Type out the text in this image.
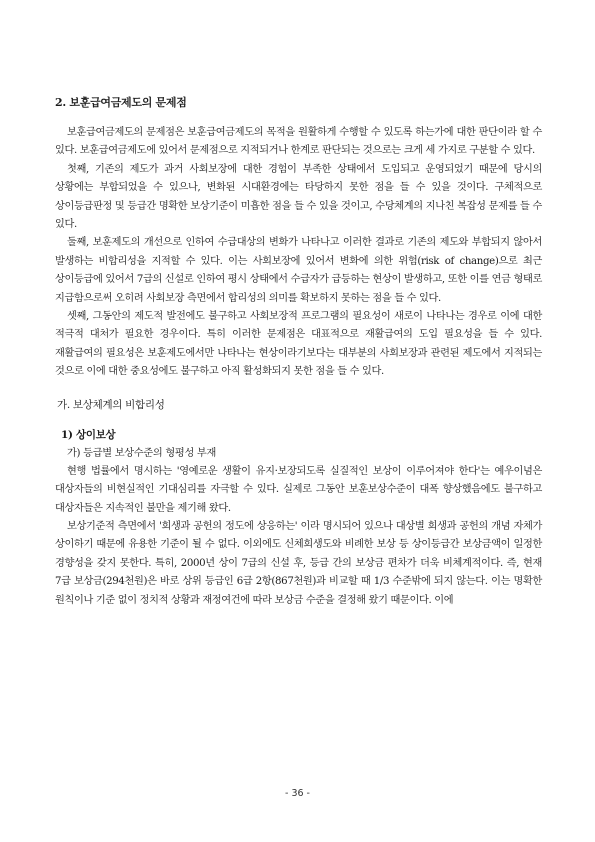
2. 보훈급여금제도의 문제점

보훈급여금제도의 문제점은 보훈급여금제도의 목적을 원활하게 수행할 수 있도록 하는가에 대한 판단이라 할 수 있다. 보훈급여금제도에 있어서 문제점으로 지적되거나 한계로 판단되는 것으로는 크게 세 가지로 구분할 수 있다.

첫째, 기존의 제도가 과거 사회보장에 대한 경험이 부족한 상태에서 도입되고 운영되었기 때문에 당시의 상황에는 부합되었을 수 있으나, 변화된 시대환경에는 타당하지 못한 점을 들 수 있을 것이다. 구체적으로 상이등급판정 및 등급간 명확한 보상기준이 미흡한 점을 들 수 있을 것이고, 수당체계의 지나친 복잡성 문제를 들 수 있다.

둘째, 보훈제도의 개선으로 인하여 수급대상의 변화가 나타나고 이러한 결과로 기존의 제도와 부합되지 않아서 발생하는 비합리성을 지적할 수 있다. 이는 사회보장에 있어서 변화에 의한 위험(risk of change)으로 최근 상이등급에 있어서 7급의 신설로 인하여 평시 상태에서 수급자가 급등하는 현상이 발생하고, 또한 이를 연금 형태로 지급함으로써 오히려 사회보장 측면에서 합리성의 의미를 확보하지 못하는 점을 들 수 있다.

셋째, 그동안의 제도적 발전에도 불구하고 사회보장적 프로그램의 필요성이 새로이 나타나는 경우로 이에 대한 적극적 대처가 필요한 경우이다. 특히 이러한 문제점은 대표적으로 재활급여의 도입 필요성을 들 수 있다. 재활급여의 필요성은 보훈제도에서만 나타나는 현상이라기보다는 대부분의 사회보장과 관련된 제도에서 지적되는 것으로 이에 대한 중요성에도 불구하고 아직 활성화되지 못한 점을 들 수 있다.

가. 보상체계의 비합리성
1) 상이보상
가) 등급별 보상수준의 형평성 부재

현행 법률에서 명시하는 '영예로운 생활이 유지·보장되도록 실질적인 보상이 이루어져야 한다'는 예우이념은 대상자들의 비현실적인 기대심리를 자극할 수 있다. 실제로 그동안 보훈보상수준이 대폭 향상했음에도 불구하고 대상자들은 지속적인 불만을 제기해 왔다.

보상기준적 측면에서 '희생과 공헌의 정도에 상응하는' 이라 명시되어 있으나 대상별 희생과 공헌의 개념 자체가 상이하기 때문에 유용한 기준이 될 수 없다. 이외에도 신체희생도와 비례한 보상 등 상이등급간 보상금액이 일정한 경향성을 갖지 못한다. 특히, 2000년 상이 7급의 신설 후, 등급 간의 보상금 편차가 더욱 비체계적이다. 즉, 현재 7급 보상금(294천원)은 바로 상위 등급인 6급 2항(867천원)과 비교할 때 1/3 수준밖에 되지 않는다. 이는 명확한 원칙이나 기준 없이 정치적 상황과 재정여건에 따라 보상금 수준을 결정해 왔기 때문이다. 이에

- 36 -
